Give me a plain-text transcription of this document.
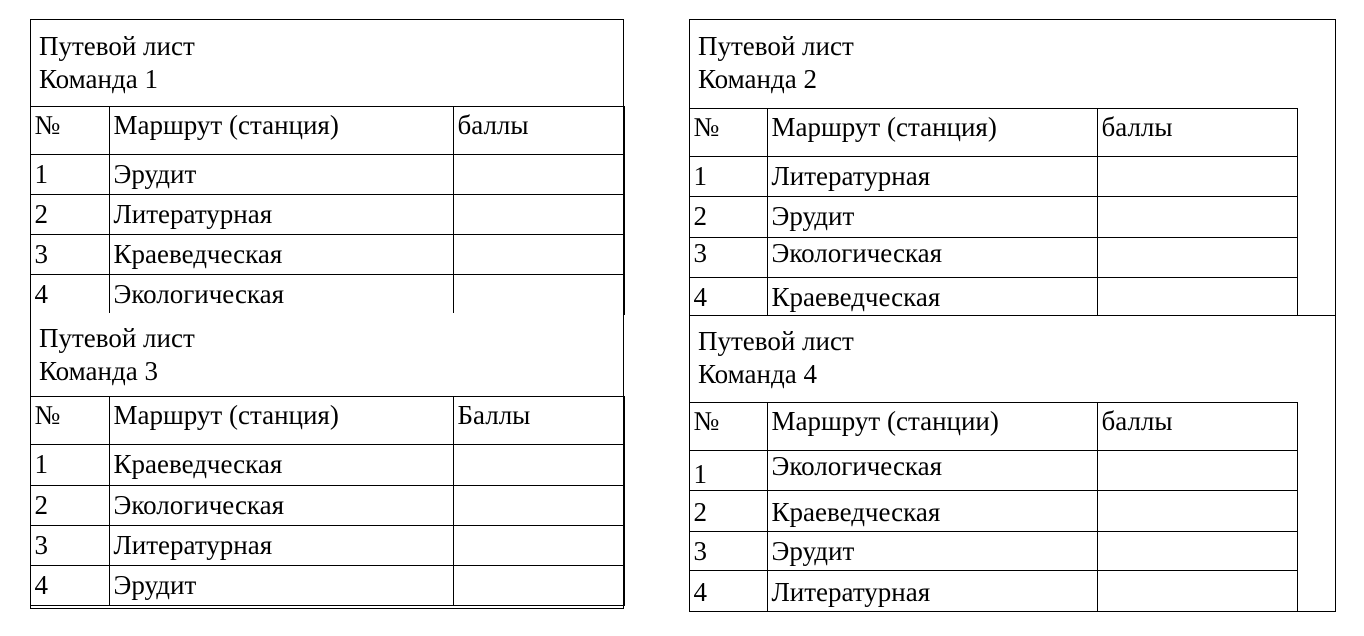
Путевой лист
Команда 1
№	Маршрут (станция)	баллы
1	Эрудит	
2	Литературная	
3	Краеведческая	
4	Экологическая	
Путевой лист
Команда 3
№	Маршрут (станция)	Баллы
1	Краеведческая	
2	Экологическая	
3	Литературная	
4	Эрудит	
Путевой лист
Команда 2
№	Маршрут (станция)	баллы
1	Литературная	
2	Эрудит	
3	Экологическая	
4	Краеведческая	
Путевой лист
Команда 4
№	Маршрут (станции)	баллы
1	Экологическая	
2	Краеведческая	
3	Эрудит	
4	Литературная	
